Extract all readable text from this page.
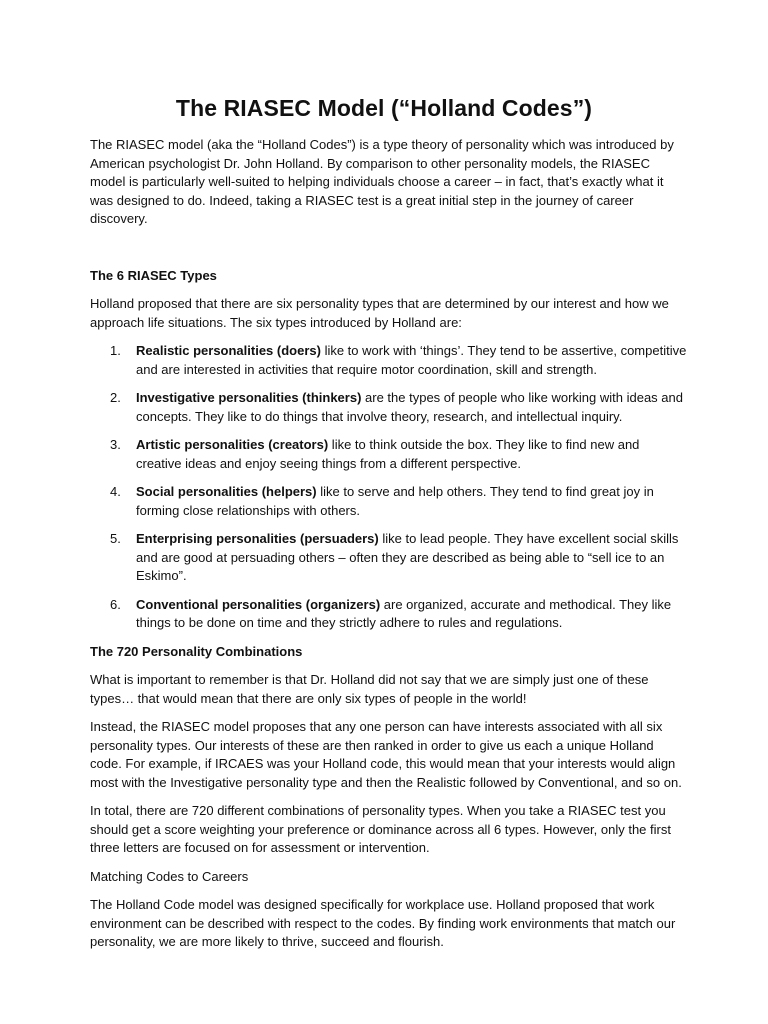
The RIASEC Model (“Holland Codes”)

The RIASEC model (aka the “Holland Codes”) is a type theory of personality which was introduced by American psychologist Dr. John Holland. By comparison to other personality models, the RIASEC model is particularly well-suited to helping individuals choose a career – in fact, that’s exactly what it was designed to do. Indeed, taking a RIASEC test is a great initial step in the journey of career discovery.

The 6 RIASEC Types

Holland proposed that there are six personality types that are determined by our interest and how we approach life situations. The six types introduced by Holland are:

1.	Realistic personalities (doers) like to work with ‘things’. They tend to be assertive, competitive and are interested in activities that require motor coordination, skill and strength.
2.	Investigative personalities (thinkers) are the types of people who like working with ideas and concepts. They like to do things that involve theory, research, and intellectual inquiry.
3.	Artistic personalities (creators) like to think outside the box. They like to find new and creative ideas and enjoy seeing things from a different perspective.
4.	Social personalities (helpers) like to serve and help others. They tend to find great joy in forming close relationships with others.
5.	Enterprising personalities (persuaders) like to lead people. They have excellent social skills and are good at persuading others – often they are described as being able to “sell ice to an Eskimo”.
6.	Conventional personalities (organizers) are organized, accurate and methodical. They like things to be done on time and they strictly adhere to rules and regulations.

The 720 Personality Combinations

What is important to remember is that Dr. Holland did not say that we are simply just one of these types… that would mean that there are only six types of people in the world!

Instead, the RIASEC model proposes that any one person can have interests associated with all six personality types. Our interests of these are then ranked in order to give us each a unique Holland code. For example, if IRCAES was your Holland code, this would mean that your interests would align most with the Investigative personality type and then the Realistic followed by Conventional, and so on.

In total, there are 720 different combinations of personality types. When you take a RIASEC test you should get a score weighting your preference or dominance across all 6 types. However, only the first three letters are focused on for assessment or intervention.

Matching Codes to Careers

The Holland Code model was designed specifically for workplace use. Holland proposed that work environment can be described with respect to the codes. By finding work environments that match our personality, we are more likely to thrive, succeed and flourish.
